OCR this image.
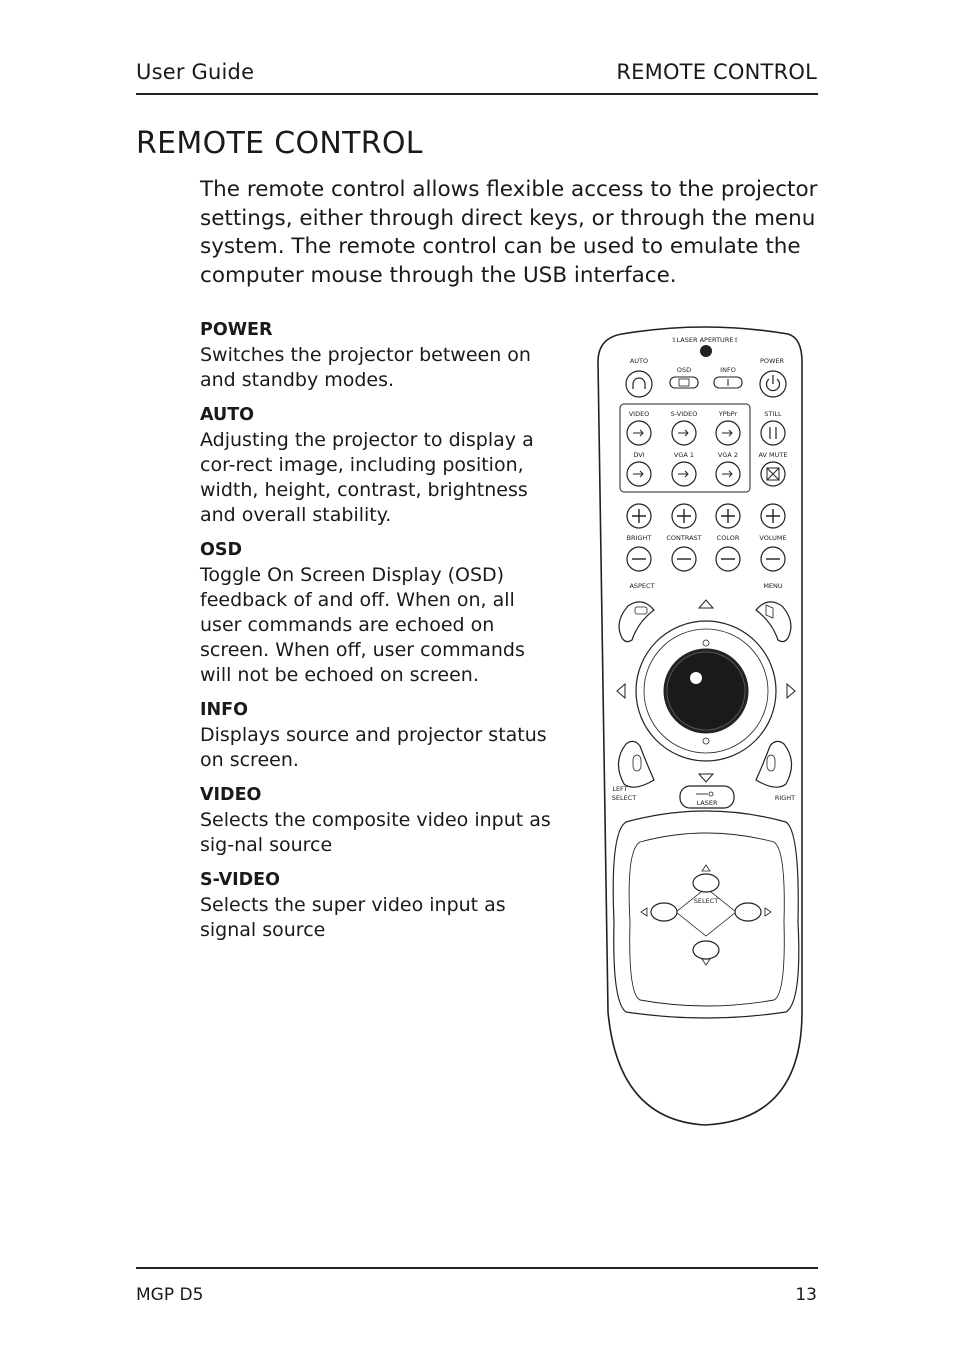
User Guide	REMOTE CONTROL
REMOTE CONTROL
The remote control allows flexible access to the projector settings, either through direct keys, or through the menu system. The remote control can be used to emulate the computer mouse through the USB interface.
POWER
Switches the projector between on and standby modes.
AUTO
Adjusting the projector to display a cor-rect image, including position, width, height, contrast, brightness and overall stability.
OSD
Toggle On Screen Display (OSD) feedback of and off. When on, all user commands are echoed on screen. When off, user commands will not be echoed on screen.
INFO
Displays source and projector status on screen.
VIDEO
Selects the composite video input as sig-nal source
S-VIDEO
Selects the super video input as signal source
⇧LASER APERTURE⇧
AUTO
OSD	INFO
POWER
VIDEO	S-VIDEO	YPbPr	STILL
DVI	VGA 1	VGA 2	AV MUTE
BRIGHT CONTRAST COLOR	VOLUME
ASPECT	MENU
LEFT
SELECT	RIGHT
LASER
SELECT
MGP D5	13
